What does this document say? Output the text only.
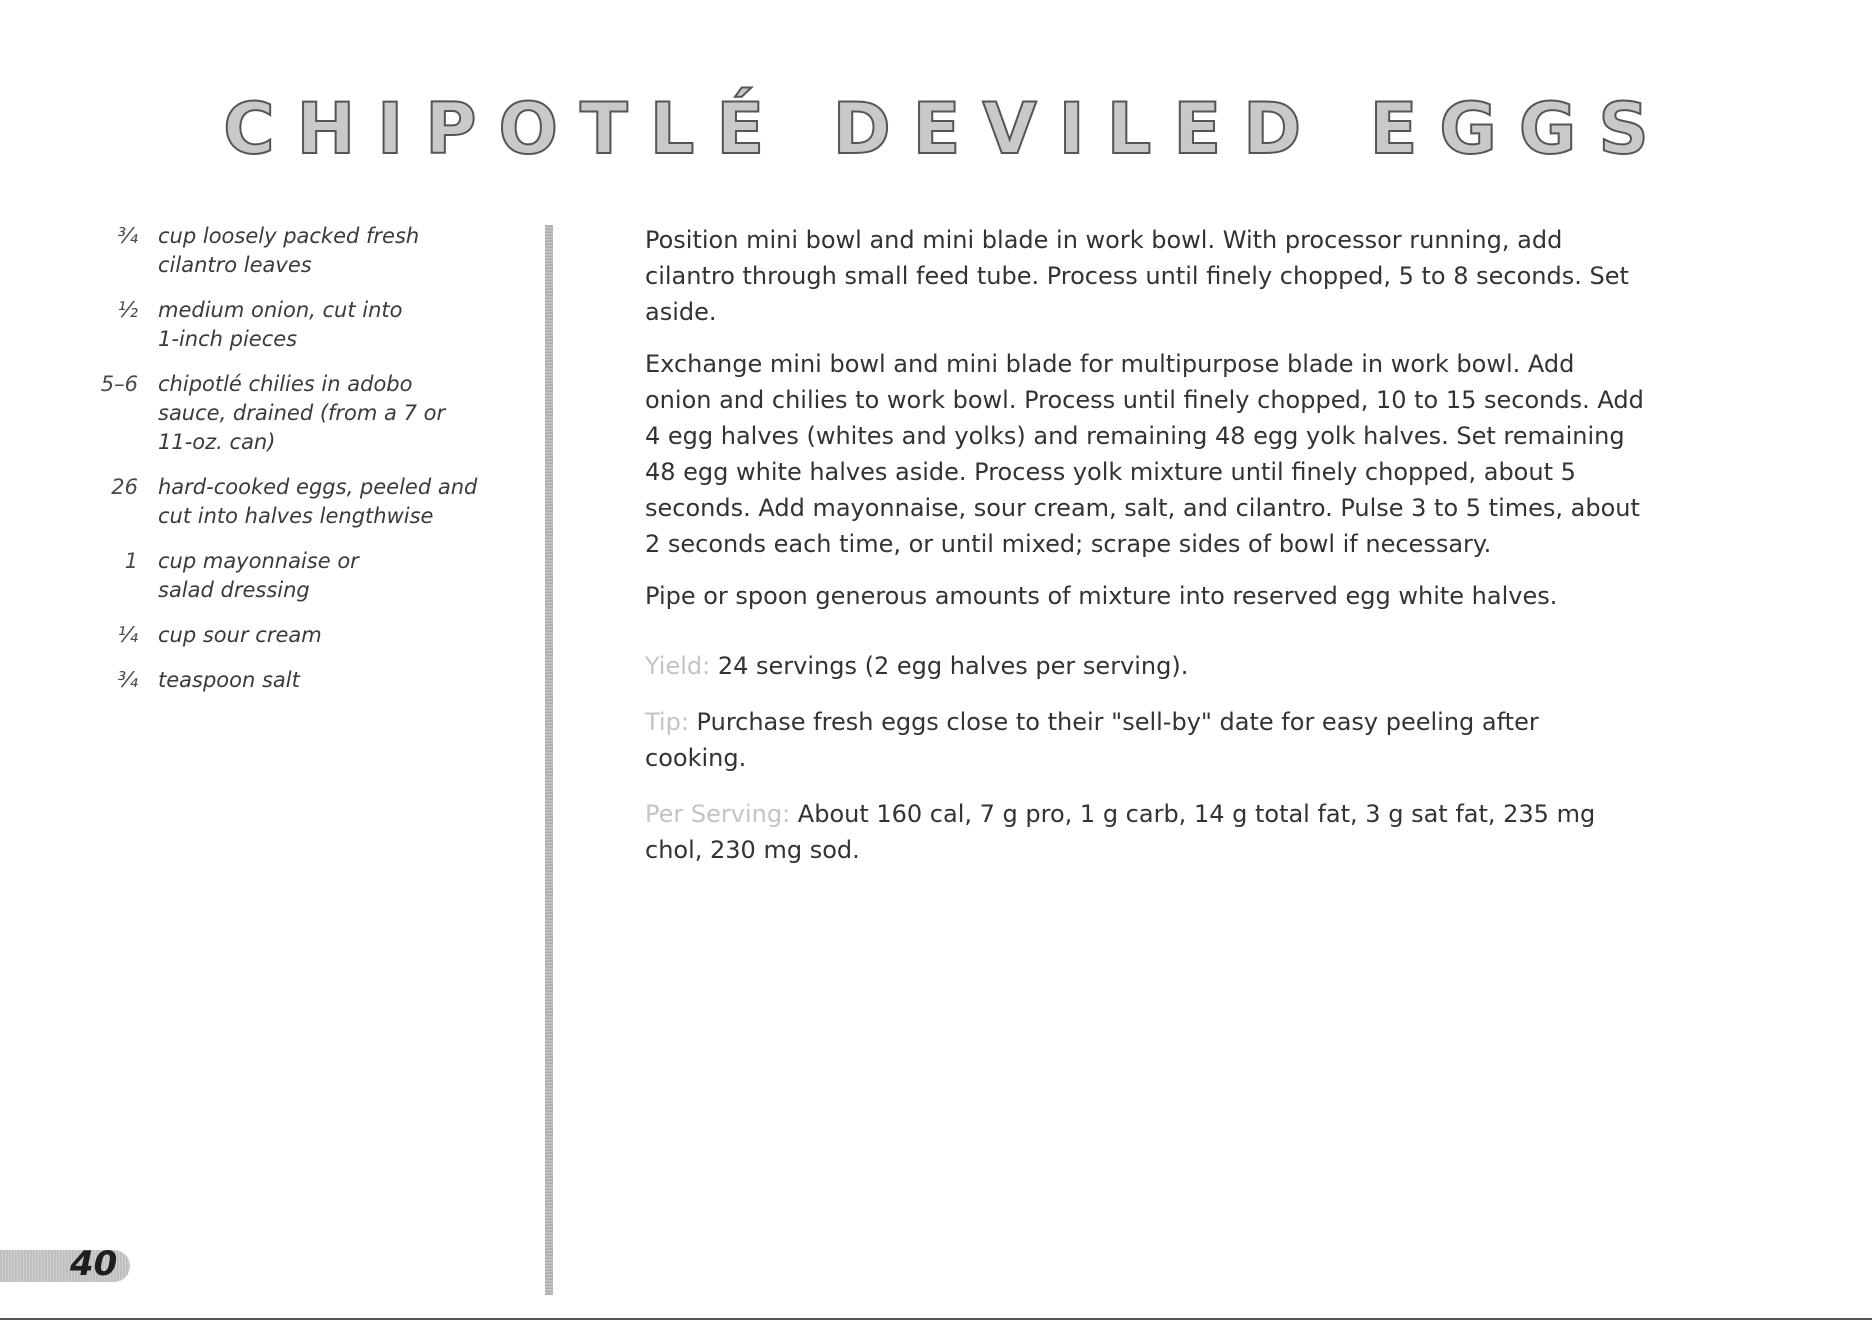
CHIPOTLÉ DEVILED EGGS
¾ cup loosely packed fresh
cilantro leaves
½ medium onion, cut into
1-inch pieces
5–6 chipotlé chilies in adobo
sauce, drained (from a 7 or
11-oz. can)
26 hard-cooked eggs, peeled and
cut into halves lengthwise
1 cup mayonnaise or
salad dressing
¼ cup sour cream
¾ teaspoon salt

Position mini bowl and mini blade in work bowl. With processor running, add cilantro through small feed tube. Process until finely chopped, 5 to 8 seconds. Set aside.

Exchange mini bowl and mini blade for multipurpose blade in work bowl. Add onion and chilies to work bowl. Process until finely chopped, 10 to 15 seconds. Add 4 egg halves (whites and yolks) and remaining 48 egg yolk halves. Set remaining 48 egg white halves aside. Process yolk mixture until finely chopped, about 5 seconds. Add mayonnaise, sour cream, salt, and cilantro. Pulse 3 to 5 times, about 2 seconds each time, or until mixed; scrape sides of bowl if necessary.

Pipe or spoon generous amounts of mixture into reserved egg white halves.

Yield: 24 servings (2 egg halves per serving).

Tip: Purchase fresh eggs close to their "sell-by" date for easy peeling after cooking.

Per Serving: About 160 cal, 7 g pro, 1 g carb, 14 g total fat, 3 g sat fat, 235 mg chol, 230 mg sod.

40
